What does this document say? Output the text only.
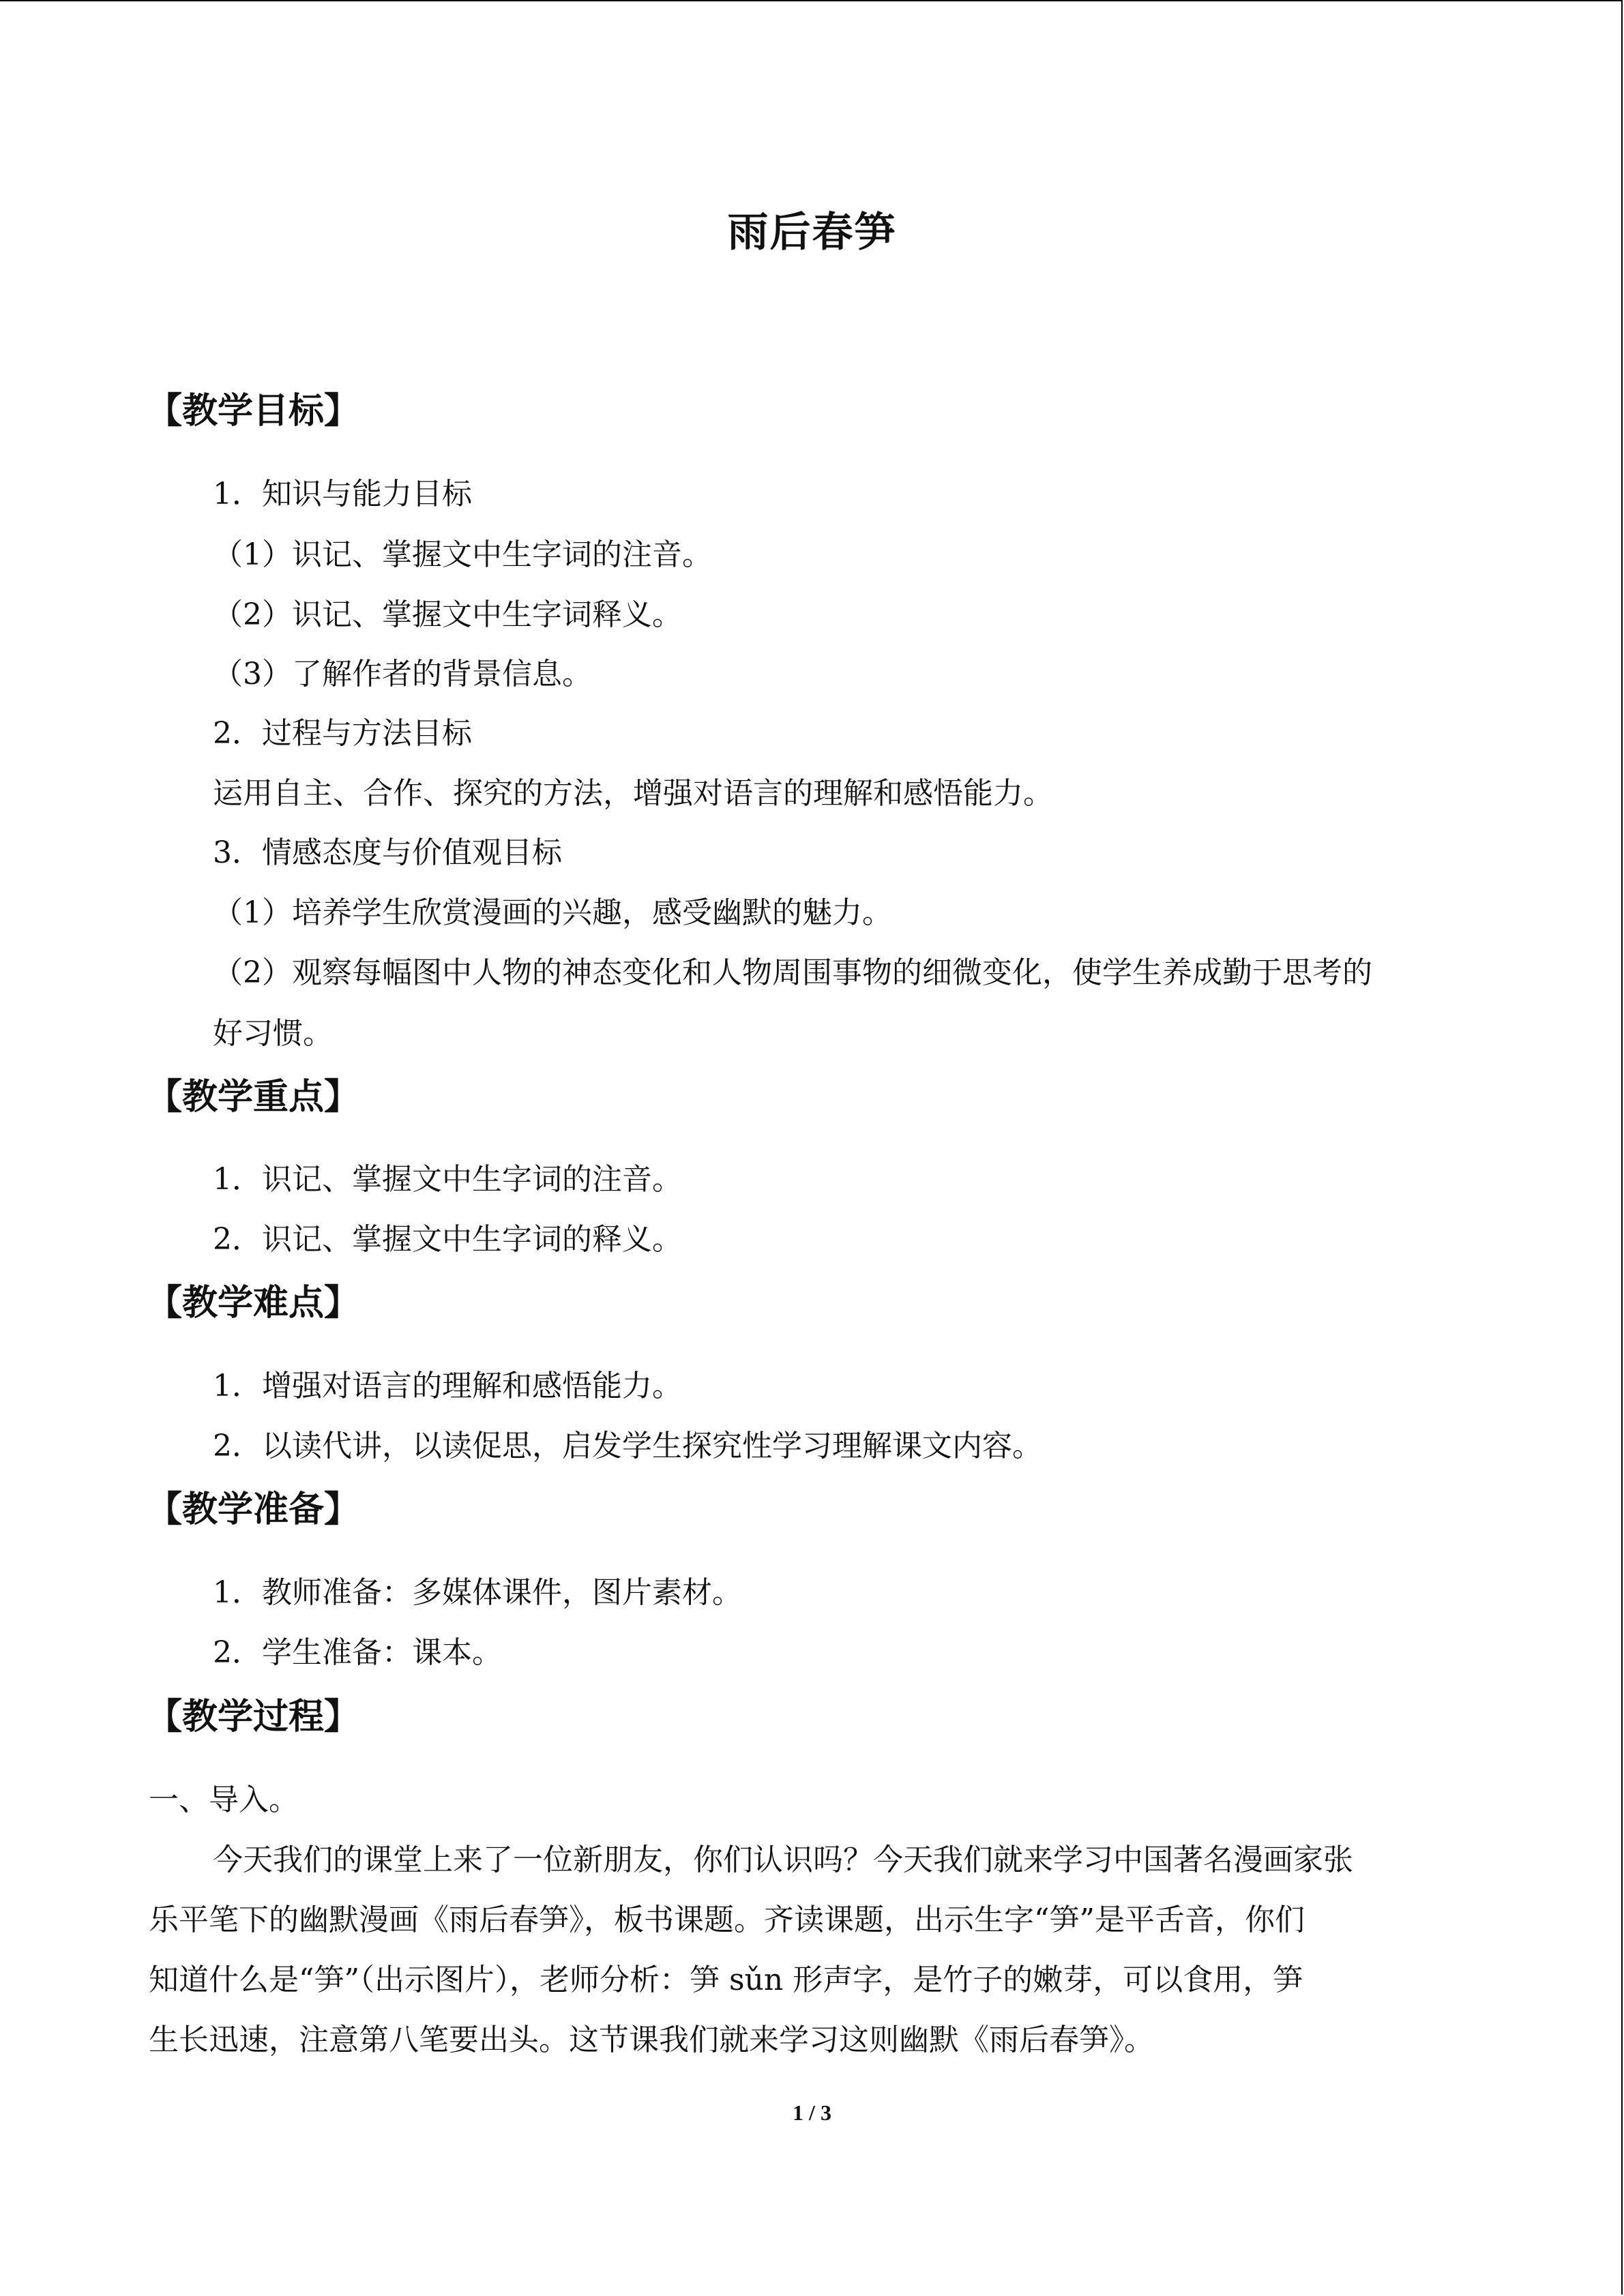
雨后春笋
【教学目标】
1．知识与能力目标
（1）识记、掌握文中生字词的注音。
（2）识记、掌握文中生字词释义。
（3）了解作者的背景信息。
2．过程与方法目标
运用自主、合作、探究的方法，增强对语言的理解和感悟能力。
3．情感态度与价值观目标
（1）培养学生欣赏漫画的兴趣，感受幽默的魅力。
（2）观察每幅图中人物的神态变化和人物周围事物的细微变化，使学生养成勤于思考的
好习惯。
【教学重点】
1．识记、掌握文中生字词的注音。
2．识记、掌握文中生字词的释义。
【教学难点】
1．增强对语言的理解和感悟能力。
2．以读代讲，以读促思，启发学生探究性学习理解课文内容。
【教学准备】
1．教师准备：多媒体课件，图片素材。
2．学生准备：课本。
【教学过程】
一、导入。
今天我们的课堂上来了一位新朋友，你们认识吗？今天我们就来学习中国著名漫画家张
乐平笔下的幽默漫画《雨后春笋》，板书课题。齐读课题，出示生字“笋”是平舌音，你们
知道什么是“笋”（出示图片），老师分析：笋 sǔn 形声字，是竹子的嫩芽，可以食用，笋
生长迅速，注意第八笔要出头。这节课我们就来学习这则幽默《雨后春笋》。
1 / 3
